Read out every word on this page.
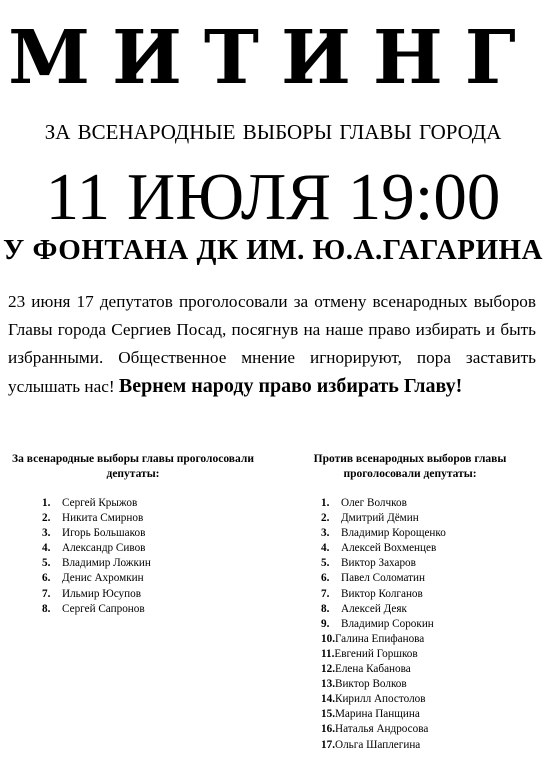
МИТИНГ
ЗА ВСЕНАРОДНЫЕ ВЫБОРЫ ГЛАВЫ ГОРОДА
11 ИЮЛЯ 19:00
У ФОНТАНА ДК ИМ. Ю.А.ГАГАРИНА
23 июня 17 депутатов проголосовали за отмену всенародных выборов Главы города Сергиев Посад, посягнув на наше право избирать и быть избранными. Общественное мнение игнорируют, пора заставить услышать нас! Вернем народу право избирать Главу!
За всенародные выборы главы проголосовали депутаты:
1. Сергей Крыжов
2. Никита Смирнов
3. Игорь Большаков
4. Александр Сивов
5. Владимир Ложкин
6. Денис Ахромкин
7. Ильмир Юсупов
8. Сергей Сапронов
Против всенародных выборов главы проголосовали депутаты:
1. Олег Волчков
2. Дмитрий Дёмин
3. Владимир Корощенко
4. Алексей Вохменцев
5. Виктор Захаров
6. Павел Соломатин
7. Виктор Колганов
8. Алексей Деяк
9. Владимир Сорокин
10.Галина Епифанова
11.Евгений Горшков
12.Елена Кабанова
13.Виктор Волков
14.Кирилл Апостолов
15.Марина Панщина
16.Наталья Андросова
17.Ольга Шаплегина
